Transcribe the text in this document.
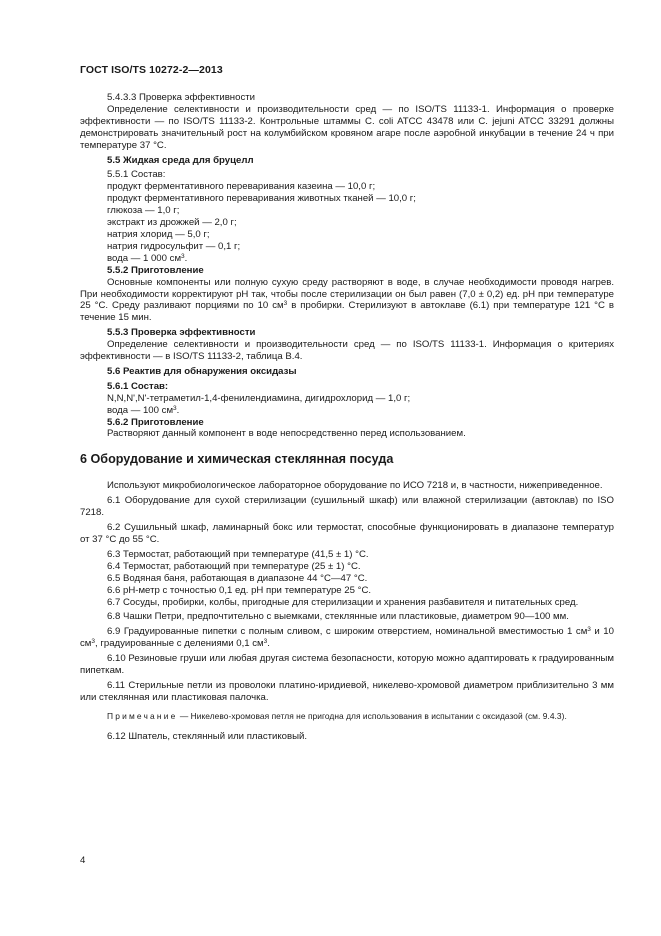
ГОСТ ISO/TS 10272-2—2013

5.4.3.3 Проверка эффективности

Определение селективности и производительности сред — по ISO/TS 11133-1. Информация о проверке эффективности — по ISO/TS 11133-2. Контрольные штаммы C. coli ATCC 43478 или C. jejuni ATCC 33291 должны демонстрировать значительный рост на колумбийском кровяном агаре после аэробной инкубации в течение 24 ч при температуре 37 °C.

5.5 Жидкая среда для бруцелл

5.5.1 Состав:

продукт ферментативного переваривания казеина — 10,0 г;

продукт ферментативного переваривания животных тканей — 10,0 г;

глюкоза — 1,0 г;

экстракт из дрожжей — 2,0 г;

натрия хлорид — 5,0 г;

натрия гидросульфит — 0,1 г;

вода — 1 000 $см^3$.

5.5.2 Приготовление

Основные компоненты или полную сухую среду растворяют в воде, в случае необходимости проводя нагрев. При необходимости корректируют pH так, чтобы после стерилизации он был равен (7,0 ± 0,2) ед. pH при температуре 25 °C. Среду разливают порциями по 10 $см^3$ в пробирки. Стерилизуют в автоклаве (6.1) при температуре 121 °C в течение 15 мин.

5.5.3 Проверка эффективности

Определение селективности и производительности сред — по ISO/TS 11133-1. Информация о критериях эффективности — в ISO/TS 11133-2, таблица В.4.

5.6 Реактив для обнаружения оксидазы

5.6.1 Состав:

N,N,N',N'-тетраметил-1,4-фенилендиамина, дигидрохлорид — 1,0 г;

вода — 100 $см^3$.

5.6.2 Приготовление

Растворяют данный компонент в воде непосредственно перед использованием.

6 Оборудование и химическая стеклянная посуда

Используют микробиологическое лабораторное оборудование по ИСО 7218 и, в частности, нижеприведенное.

6.1 Оборудование для сухой стерилизации (сушильный шкаф) или влажной стерилизации (автоклав) по ISO 7218.

6.2 Сушильный шкаф, ламинарный бокс или термостат, способные функционировать в диапазоне температур от 37 °C до 55 °C.

6.3 Термостат, работающий при температуре (41,5 ± 1) °C.

6.4 Термостат, работающий при температуре (25 ± 1) °C.

6.5 Водяная баня, работающая в диапазоне 44 °C—47 °C.

6.6 pH-метр с точностью 0,1 ед. pH при температуре 25 °C.

6.7 Сосуды, пробирки, колбы, пригодные для стерилизации и хранения разбавителя и питательных сред.

6.8 Чашки Петри, предпочтительно с выемками, стеклянные или пластиковые, диаметром 90—100 мм.

6.9 Градуированные пипетки с полным сливом, с широким отверстием, номинальной вместимостью 1 $см^3$ и 10 $см^3$, градуированные с делениями 0,1 $см^3$.

6.10 Резиновые груши или любая другая система безопасности, которую можно адаптировать к градуированным пипеткам.

6.11 Стерильные петли из проволоки платино-иридиевой, никелево-хромовой диаметром приблизительно 3 мм или стеклянная или пластиковая палочка.

Примечание — Никелево-хромовая петля не пригодна для использования в испытании с оксидазой (см. 9.4.3).

6.12 Шпатель, стеклянный или пластиковый.

4
